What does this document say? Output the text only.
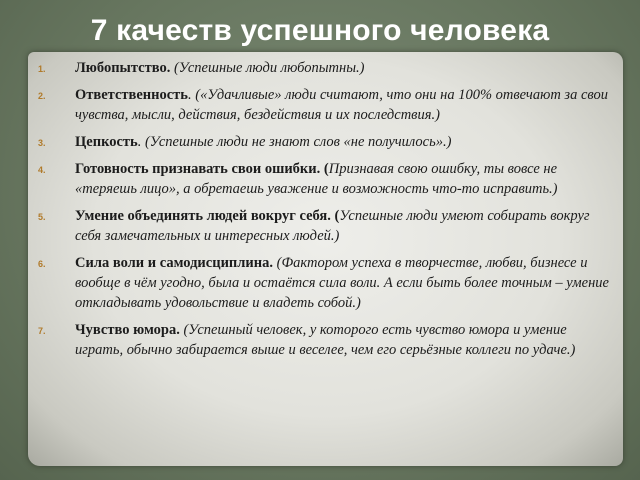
7 качеств успешного человека
1. Любопытство. (Успешные люди любопытны.)
2. Ответственность. («Удачливые» люди считают, что они на 100% отвечают за свои чувства, мысли, действия, бездействия и их последствия.)
3. Цепкость. (Успешные люди не знают слов «не получилось».)
4. Готовность признавать свои ошибки. (Признавая свою ошибку, ты вовсе не «теряешь лицо», а обретаешь уважение и возможность что-то исправить.)
5. Умение объединять людей вокруг себя. (Успешные люди умеют собирать вокруг себя замечательных и интересных людей.)
6. Сила воли и самодисциплина. (Фактором успеха в творчестве, любви, бизнесе и вообще в чём угодно, была и остаётся сила воли. А если быть более точным – умение откладывать удовольствие и владеть собой.)
7. Чувство юмора. (Успешный человек, у которого есть чувство юмора и умение играть, обычно забирается выше и веселее, чем его серьёзные коллеги по удаче.)
